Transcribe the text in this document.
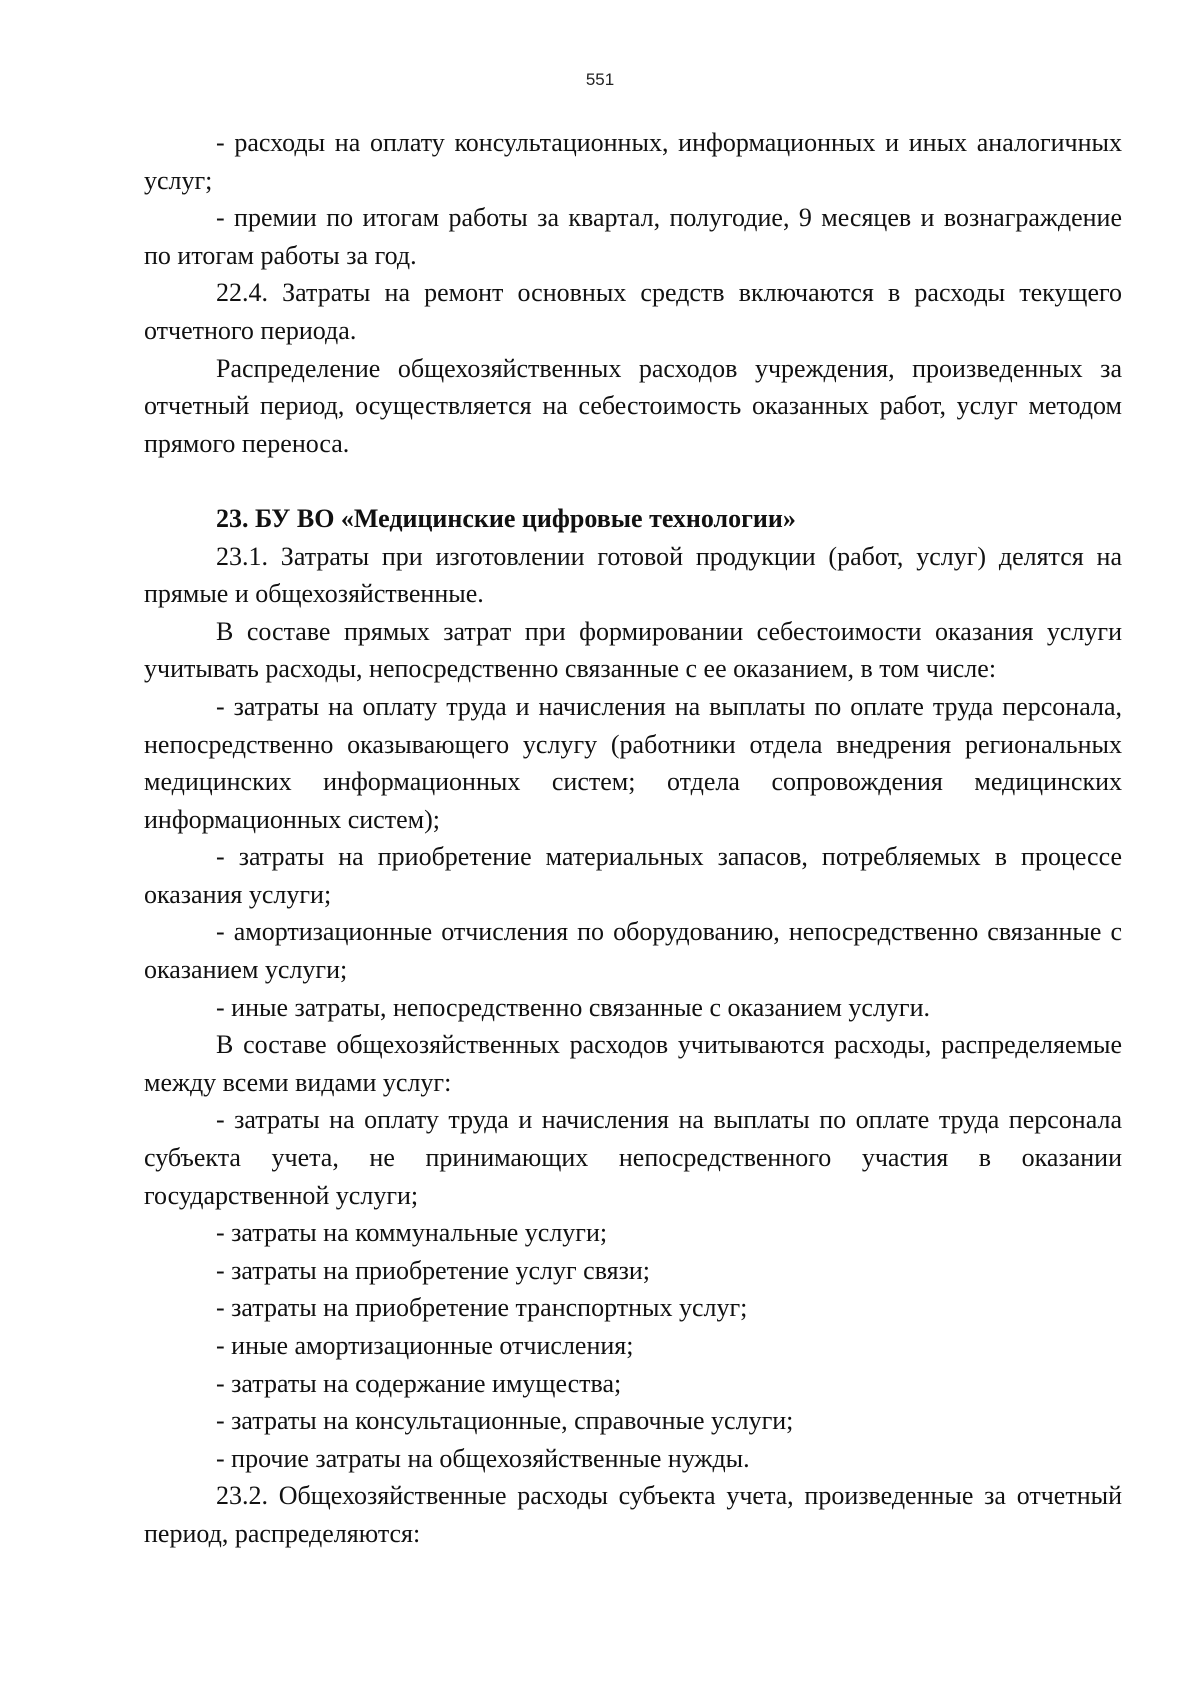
551

- расходы на оплату консультационных, информационных и иных аналогичных услуг;

- премии по итогам работы за квартал, полугодие, 9 месяцев и вознаграждение по итогам работы за год.

22.4. Затраты на ремонт основных средств включаются в расходы текущего отчетного периода.

Распределение общехозяйственных расходов учреждения, произведенных за отчетный период, осуществляется на себестоимость оказанных работ, услуг методом прямого переноса.

23. БУ ВО «Медицинские цифровые технологии»

23.1. Затраты при изготовлении готовой продукции (работ, услуг) делятся на прямые и общехозяйственные.

В составе прямых затрат при формировании себестоимости оказания услуги учитывать расходы, непосредственно связанные с ее оказанием, в том числе:

- затраты на оплату труда и начисления на выплаты по оплате труда персонала, непосредственно оказывающего услугу (работники отдела внедрения региональных медицинских информационных систем; отдела сопровождения медицинских информационных систем);

- затраты на приобретение материальных запасов, потребляемых в процессе оказания услуги;

- амортизационные отчисления по оборудованию, непосредственно связанные с оказанием услуги;

- иные затраты, непосредственно связанные с оказанием услуги.

В составе общехозяйственных расходов учитываются расходы, распределяемые между всеми видами услуг:

- затраты на оплату труда и начисления на выплаты по оплате труда персонала субъекта учета, не принимающих непосредственного участия в оказании государственной услуги;

- затраты на коммунальные услуги;

- затраты на приобретение услуг связи;

- затраты на приобретение транспортных услуг;

- иные амортизационные отчисления;

- затраты на содержание имущества;

- затраты на консультационные, справочные услуги;

- прочие затраты на общехозяйственные нужды.

23.2. Общехозяйственные расходы субъекта учета, произведенные за отчетный период, распределяются:
